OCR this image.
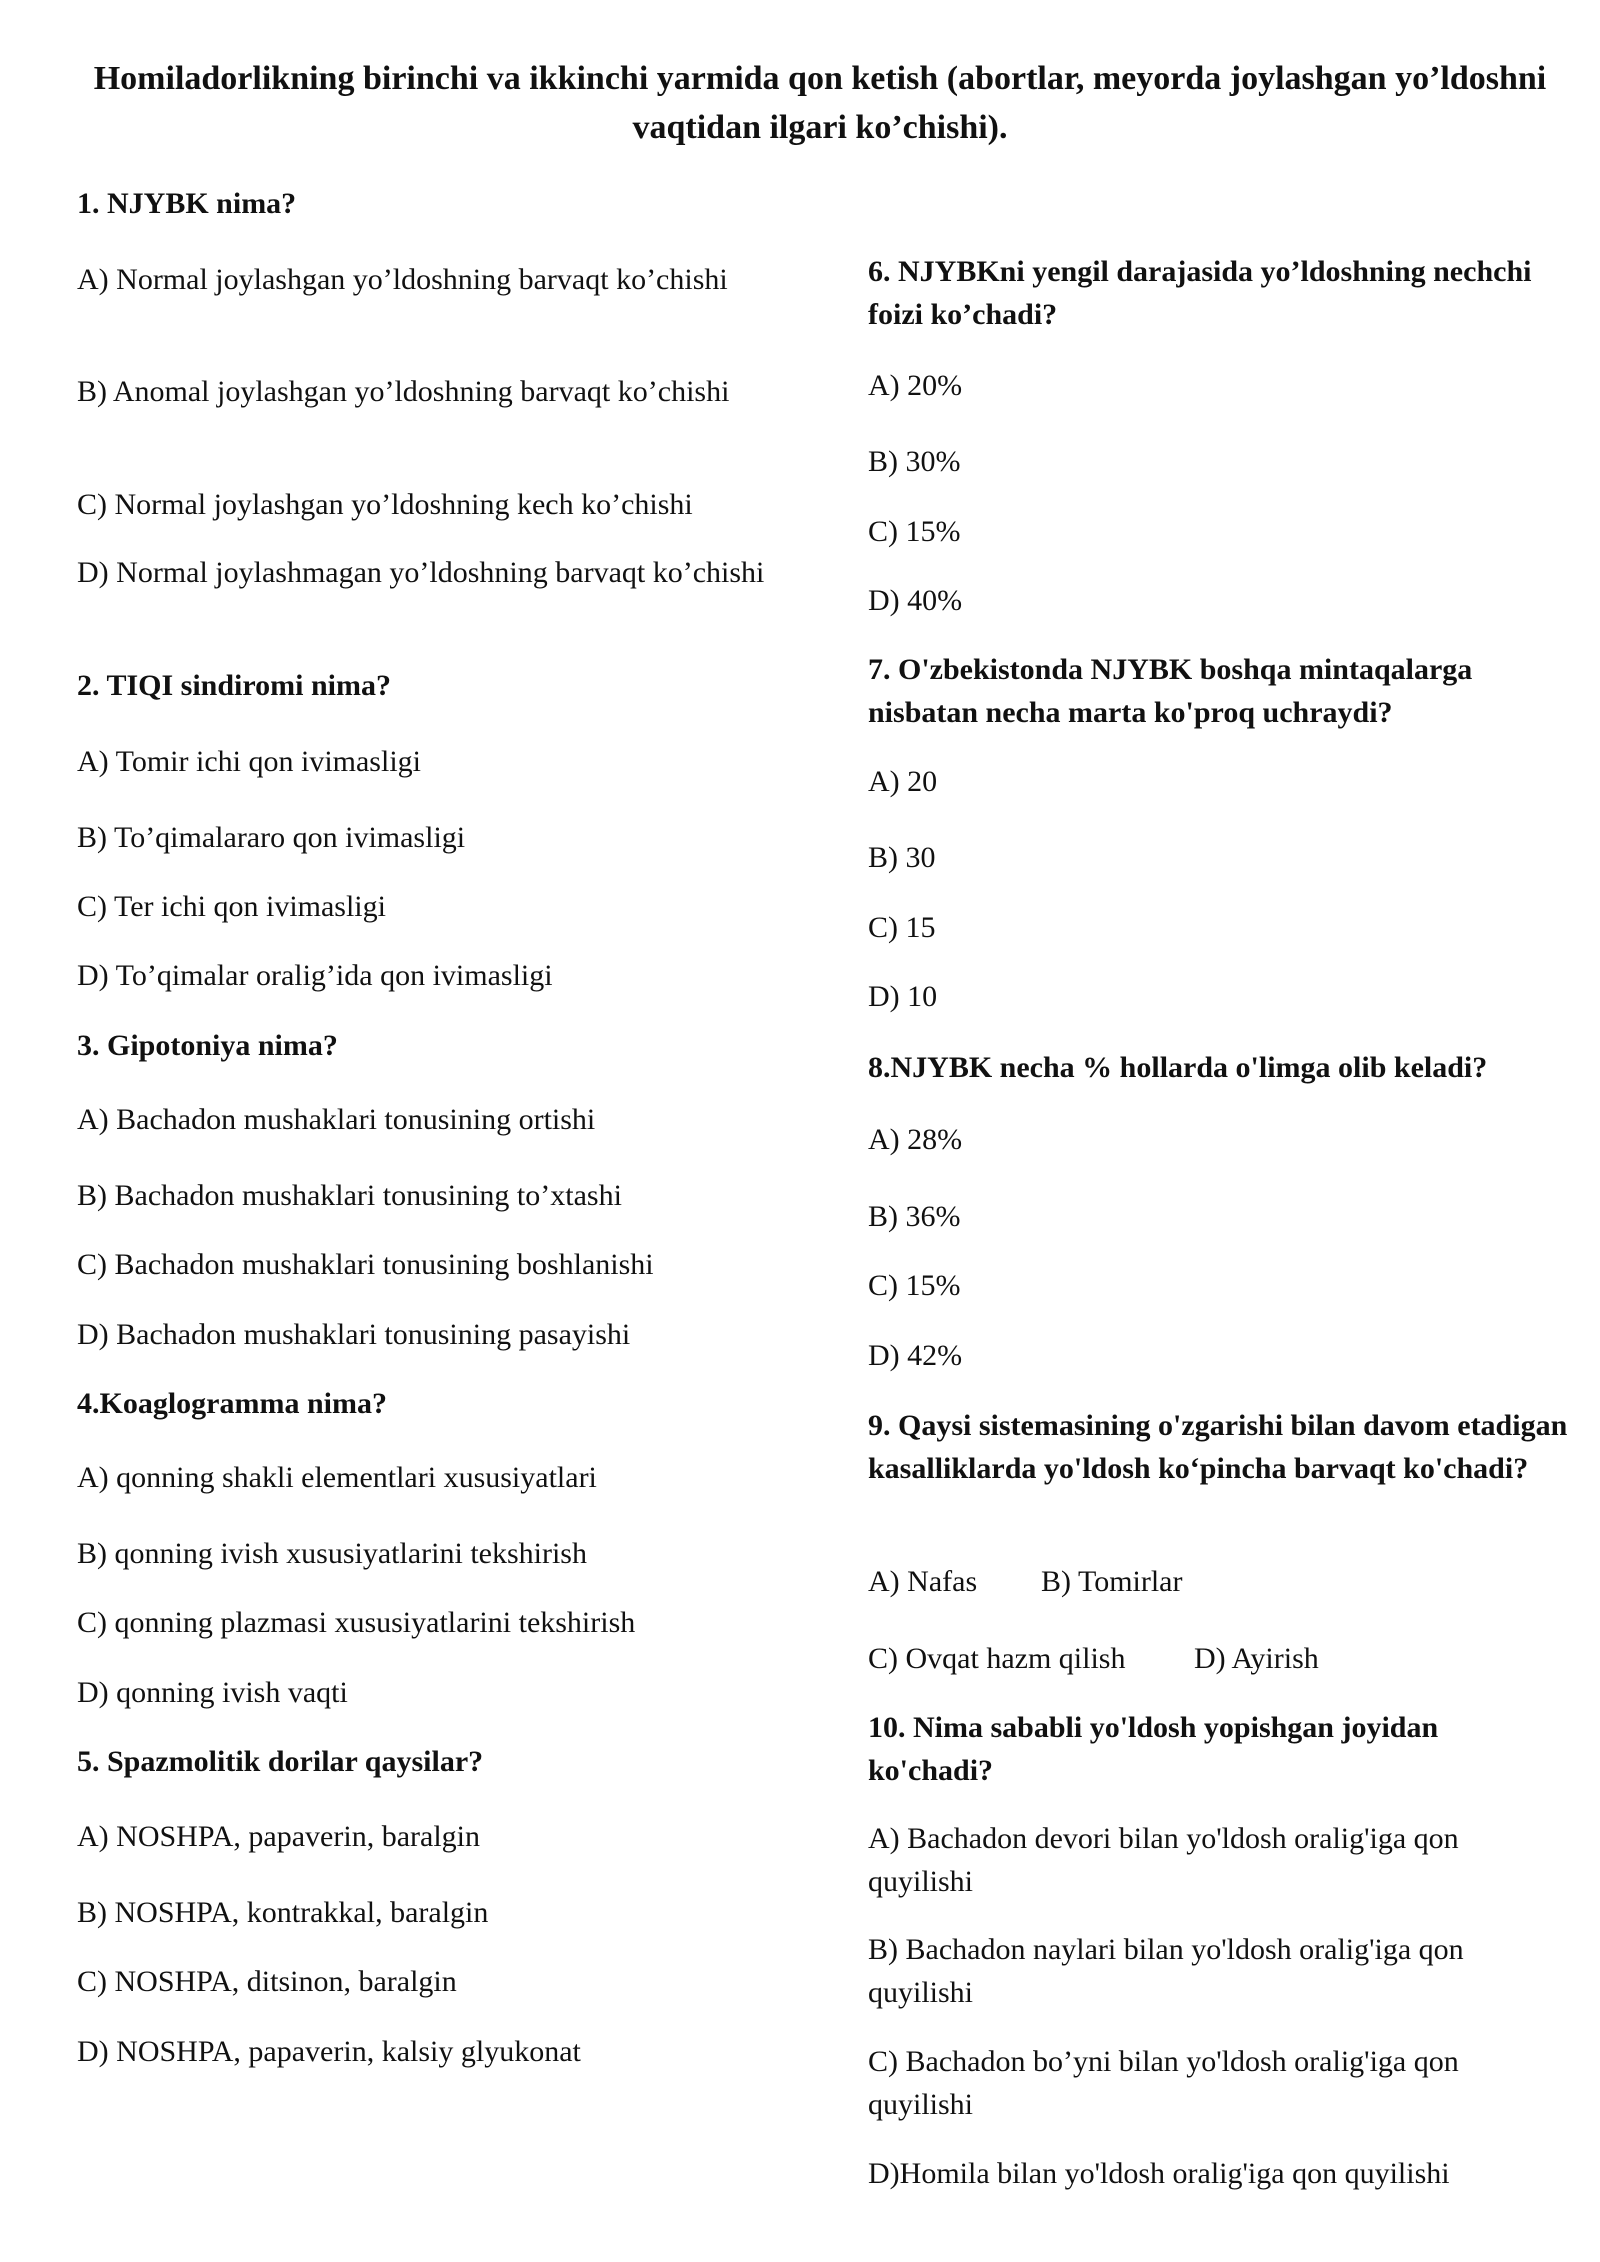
Homiladorlikning birinchi va ikkinchi yarmida qon ketish (abortlar, meyorda joylashgan yo’ldoshni vaqtidan ilgari ko’chishi).

1. NJYBK nima?

A) Normal joylashgan yo’ldoshning barvaqt ko’chishi

B) Anomal joylashgan yo’ldoshning barvaqt ko’chishi

C) Normal joylashgan yo’ldoshning kech ko’chishi

D) Normal joylashmagan yo’ldoshning barvaqt ko’chishi

2. TIQI sindiromi nima?

A) Tomir ichi qon ivimasligi

B) To’qimalararo qon ivimasligi

C) Ter ichi qon ivimasligi

D) To’qimalar oralig’ida qon ivimasligi

3. Gipotoniya nima?

A) Bachadon mushaklari tonusining ortishi

B) Bachadon mushaklari tonusining to’xtashi

C) Bachadon mushaklari tonusining boshlanishi

D) Bachadon mushaklari tonusining pasayishi

4.Koaglogramma nima?

A) qonning shakli elementlari xususiyatlari

B) qonning ivish xususiyatlarini tekshirish

C) qonning plazmasi xususiyatlarini tekshirish

D) qonning ivish vaqti

5. Spazmolitik dorilar qaysilar?

A) NOSHPA, papaverin, baralgin

B) NOSHPA, kontrakkal, baralgin

C) NOSHPA, ditsinon, baralgin

D) NOSHPA, papaverin, kalsiy glyukonat

6. NJYBKni yengil darajasida yo’ldoshning nechchi foizi ko’chadi?

A) 20%

B) 30%

C) 15%

D) 40%

7. O'zbekistonda NJYBK boshqa mintaqalarga nisbatan necha marta ko'proq uchraydi?

A) 20

B) 30

C) 15

D) 10

8.NJYBK necha % hollarda o'limga olib keladi?

A) 28%

B) 36%

C) 15%

D) 42%

9. Qaysi sistemasining o'zgarishi bilan davom etadigan kasalliklarda yo'ldosh ko‘pincha barvaqt ko'chadi?

A) Nafas B) Tomirlar

C) Ovqat hazm qilish D) Ayirish

10. Nima sababli yo'ldosh yopishgan joyidan ko'chadi?

A) Bachadon devori bilan yo'ldosh oralig'iga qon quyilishi

B) Bachadon naylari bilan yo'ldosh oralig'iga qon quyilishi

C) Bachadon bo’yni bilan yo'ldosh oralig'iga qon quyilishi

D)Homila bilan yo'ldosh oralig'iga qon quyilishi
